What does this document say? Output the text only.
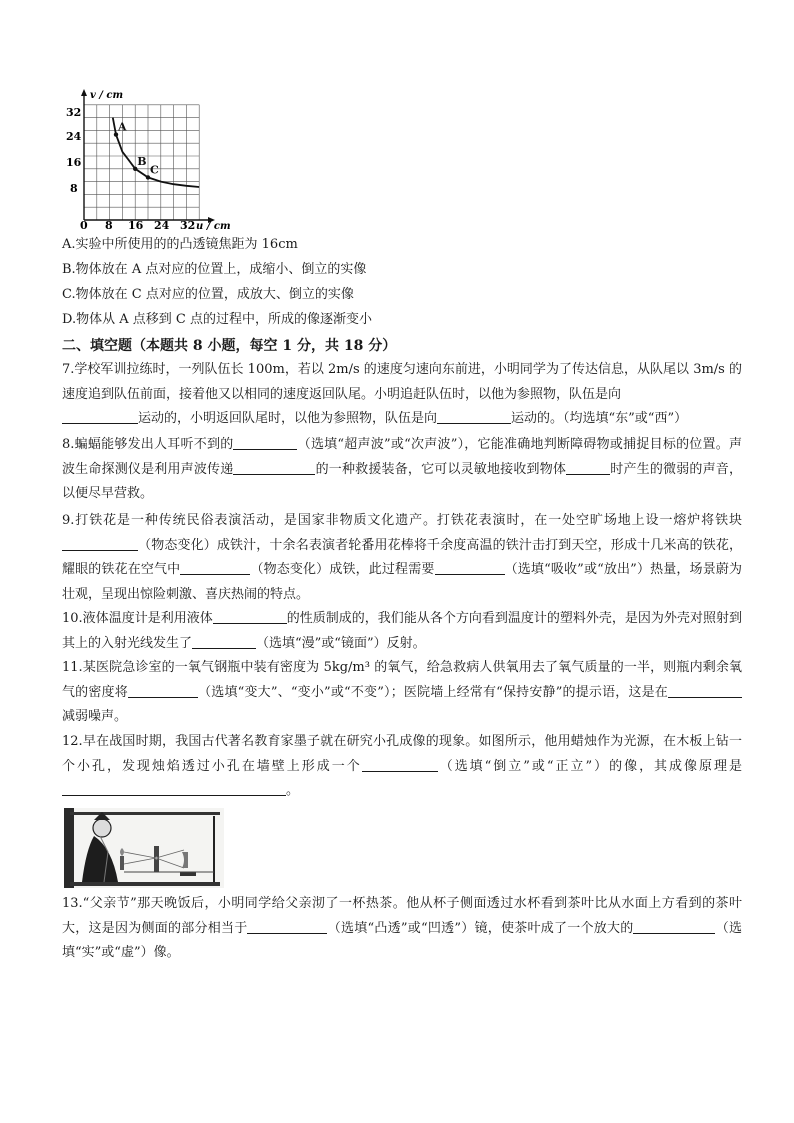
v / cm
u / cm
32
24
16
8
0 8 16 24 32
A
B
C
A.实验中所使用的的凸透镜焦距为 16cm
B.物体放在 A 点对应的位置上，成缩小、倒立的实像
C.物体放在 C 点对应的位置，成放大、倒立的实像
D.物体从 A 点移到 C 点的过程中，所成的像逐渐变小
二、填空题（本题共 8 小题，每空 1 分，共 18 分）
7.学校军训拉练时，一列队伍长 100m，若以 2m/s 的速度匀速向东前进，小明同学为了传达信息，从队尾以 3m/s 的速度追到队伍前面，接着他又以相同的速度返回队尾。小明追赶队伍时，以他为参照物，队伍是向
运动的，小明返回队尾时，以他为参照物，队伍是向	运动的。（均选填“东”或“西”）
8.蝙蝠能够发出人耳听不到的	（选填“超声波”或“次声波”），它能准确地判断障碍物或捕捉目标的位置。声波生命探测仪是利用声波传递	的一种救援装备，它可以灵敏地接收到物体	时产生的微弱的声音，以便尽早营救。
9.打铁花是一种传统民俗表演活动，是国家非物质文化遗产。打铁花表演时，在一处空旷场地上设一熔炉将铁块（物态变化）成铁汁，十余名表演者轮番用花棒将千余度高温的铁汁击打到天空，形成十几米高的铁花，耀眼的铁花在空气中	（物态变化）成铁，此过程需要	（选填“吸收”或“放出”）热量，场景蔚为壮观，呈现出惊险刺激、喜庆热闹的特点。
10.液体温度计是利用液体	的性质制成的，我们能从各个方向看到温度计的塑料外壳，是因为外壳对照射到其上的入射光线发生了	（选填“漫”或“镜面”）反射。
11.某医院急诊室的一氧气钢瓶中装有密度为 5kg/m³ 的氧气，给急救病人供氧用去了氧气质量的一半，则瓶内剩余氧气的密度将	（选填“变大”、“变小”或“不变”）；医院墙上经常有“保持安静”的提示语，这是在减弱噪声。
12.早在战国时期，我国古代著名教育家墨子就在研究小孔成像的现象。如图所示，他用蜡烛作为光源，在木板上钻一个小孔，发现烛焰透过小孔在墙壁上形成一个	（选填“倒立”或“正立”）的像，其成像原理是。
13.“父亲节”那天晚饭后，小明同学给父亲沏了一杯热茶。他从杯子侧面透过水杯看到茶叶比从水面上方看到的茶叶大，这是因为侧面的部分相当于	（选填“凸透”或“凹透”）镜，使茶叶成了一个放大的	（选填“实”或“虚”）像。
